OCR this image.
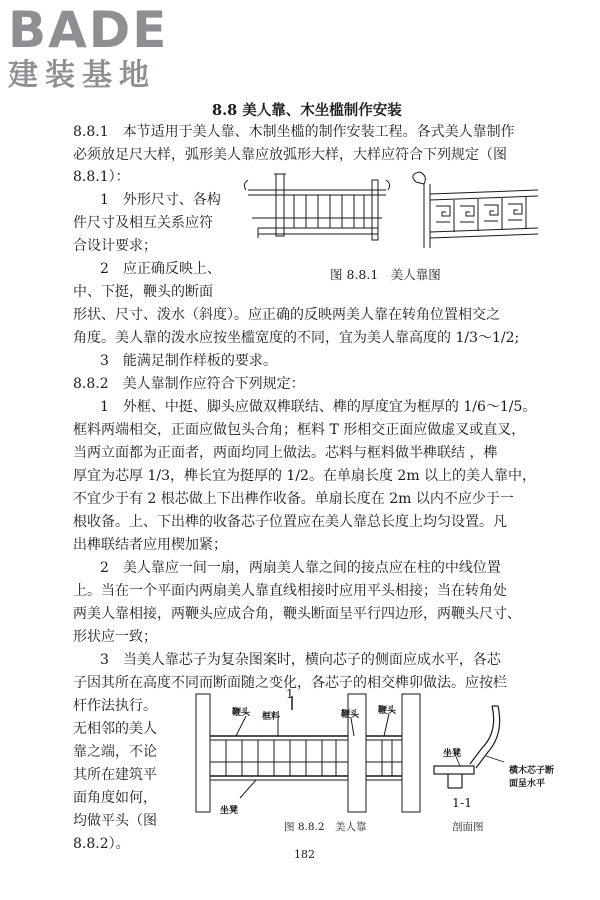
BADE
建装基地
8.8 美人靠、木坐槛制作安装
8.8.1　本节适用于美人靠、木制坐槛的制作安装工程。各式美人靠制作
必须放足尺大样，弧形美人靠应放弧形大样，大样应符合下列规定（图
8.8.1）：
1　外形尺寸、各构
件尺寸及相互关系应符
合设计要求；
2　应正确反映上、
中、下挺，鞭头的断面
形状、尺寸、泼水（斜度）。应正确的反映两美人靠在转角位置相交之
角度。美人靠的泼水应按坐槛宽度的不同，宜为美人靠高度的 1/3～1/2;
3　能满足制作样板的要求。
8.8.2　美人靠制作应符合下列规定：
1　外框、中挺、脚头应做双榫联结、榫的厚度宜为框厚的 1/6～1/5。
框料两端相交，正面应做包头合角；框料 T 形相交正面应做虚叉或直叉，
当两立面都为正面者，两面均同上做法。芯料与框料做半榫联结 ，榫
厚宜为芯厚 1/3，榫长宜为挺厚的 1/2。在单扇长度 2m 以上的美人靠中，
不宜少于有 2 根芯做上下出榫作收备。单扇长度在 2m 以内不应少于一
根收备。上、下出榫的收备芯子位置应在美人靠总长度上均匀设置。凡
出榫联结者应用楔加紧；
2　美人靠应一间一扇，两扇美人靠之间的接点应在柱的中线位置
上。当在一个平面内两扇美人靠直线相接时应用平头相接；当在转角处
两美人靠相接，两鞭头应成合角，鞭头断面呈平行四边形，两鞭头尺寸、
形状应一致；
3　当美人靠芯子为复杂图案时，横向芯子的侧面应成水平，各芯
子因其所在高度不同而断面随之变化，各芯子的相交榫卯做法。应按栏
杆作法执行。
无相邻的美人
靠之端，不论
其所在建筑平
面角度如何，
均做平头（图
8.8.2）。
图 8.8.1　美人靠图
鞭头 框料	鞭头 鞭头
坐凳
1
图 8.8.2　美人靠
坐凳
横木芯子断
面呈水平
1-1
剖面图
182
